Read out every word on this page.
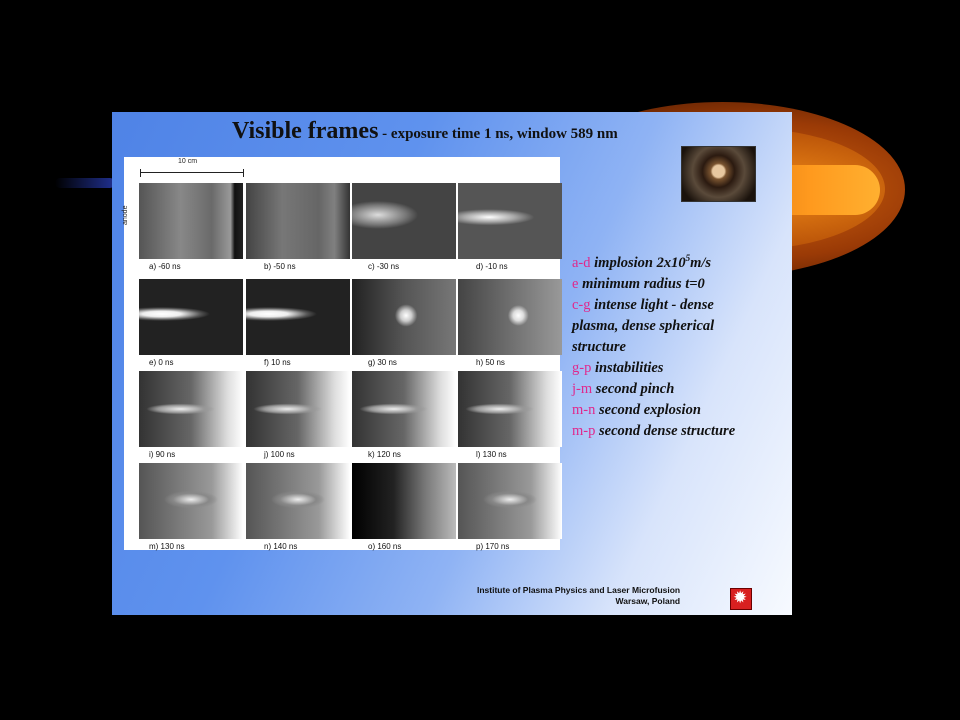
Visible frames - exposure time 1 ns, window 589 nm
10 cm
anode
a) -60 ns	b) -50 ns	c) -30 ns	d) -10 ns
e) 0 ns	f) 10 ns	g) 30 ns	h) 50 ns
i) 90 ns	j) 100 ns	k) 120 ns	l) 130 ns
m) 130 ns	n) 140 ns	o) 160 ns	p) 170 ns
a-d implosion $2x10^5m/s$
e minimum radius t=0
c-g intense light - dense
plasma, dense spherical
structure
g-p instabilities
j-m second pinch
m-n second explosion
m-p second dense structure
Institute of Plasma Physics and Laser Microfusion
Warsaw, Poland
✹
